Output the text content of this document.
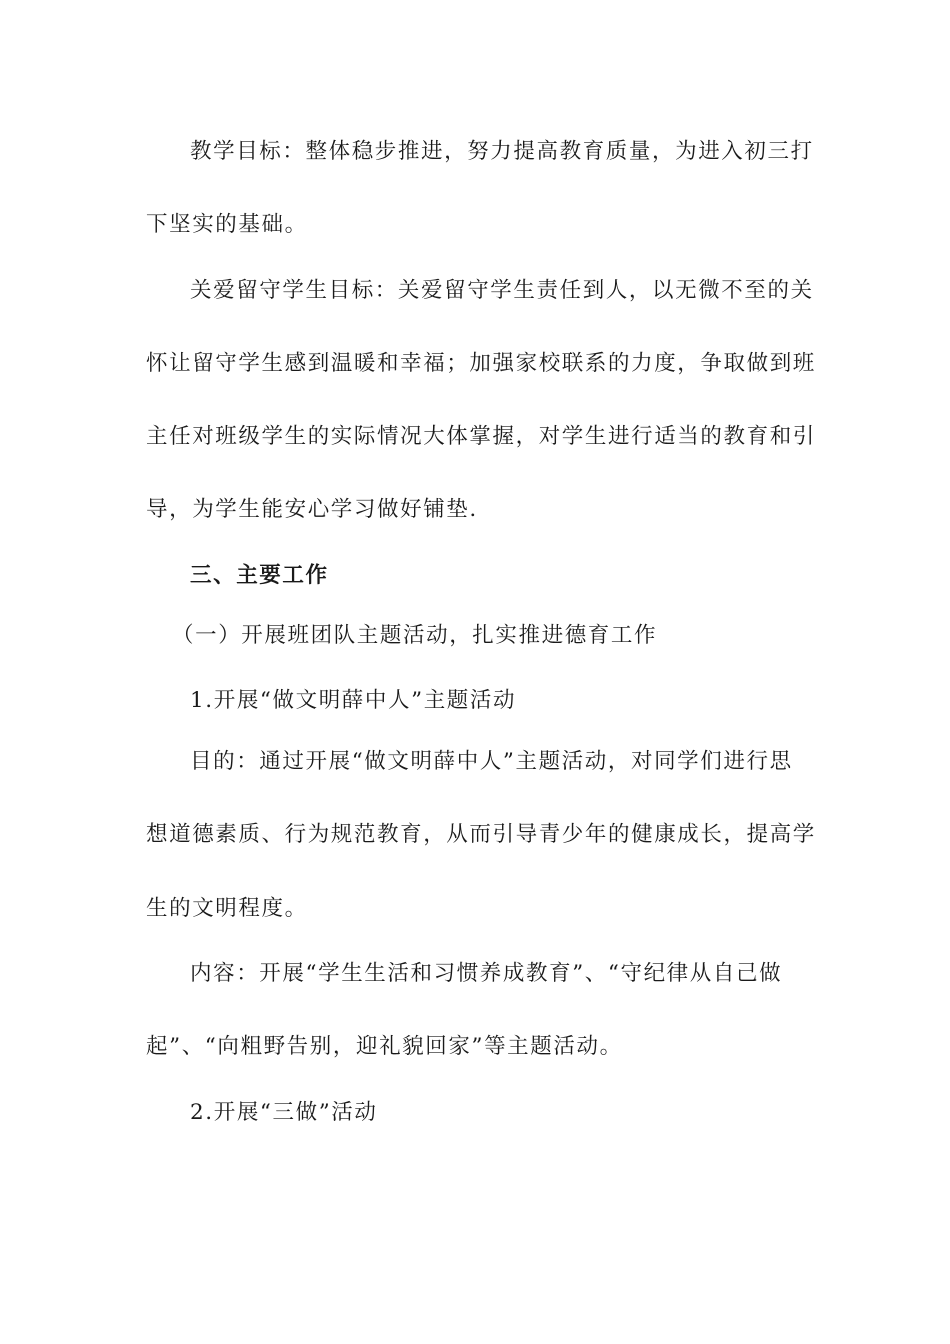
教学目标：整体稳步推进，努力提高教育质量，为进入初三打
下坚实的基础。
关爱留守学生目标：关爱留守学生责任到人，以无微不至的关
怀让留守学生感到温暖和幸福；加强家校联系的力度，争取做到班
主任对班级学生的实际情况大体掌握，对学生进行适当的教育和引
导，为学生能安心学习做好铺垫.
三、主要工作
（一）开展班团队主题活动，扎实推进德育工作
1.开展“做文明薛中人”主题活动
目的：通过开展“做文明薛中人”主题活动，对同学们进行思
想道德素质、行为规范教育，从而引导青少年的健康成长，提高学
生的文明程度。
内容：开展“学生生活和习惯养成教育”、“守纪律从自己做
起”、“向粗野告别，迎礼貌回家”等主题活动。
2.开展“三做”活动
